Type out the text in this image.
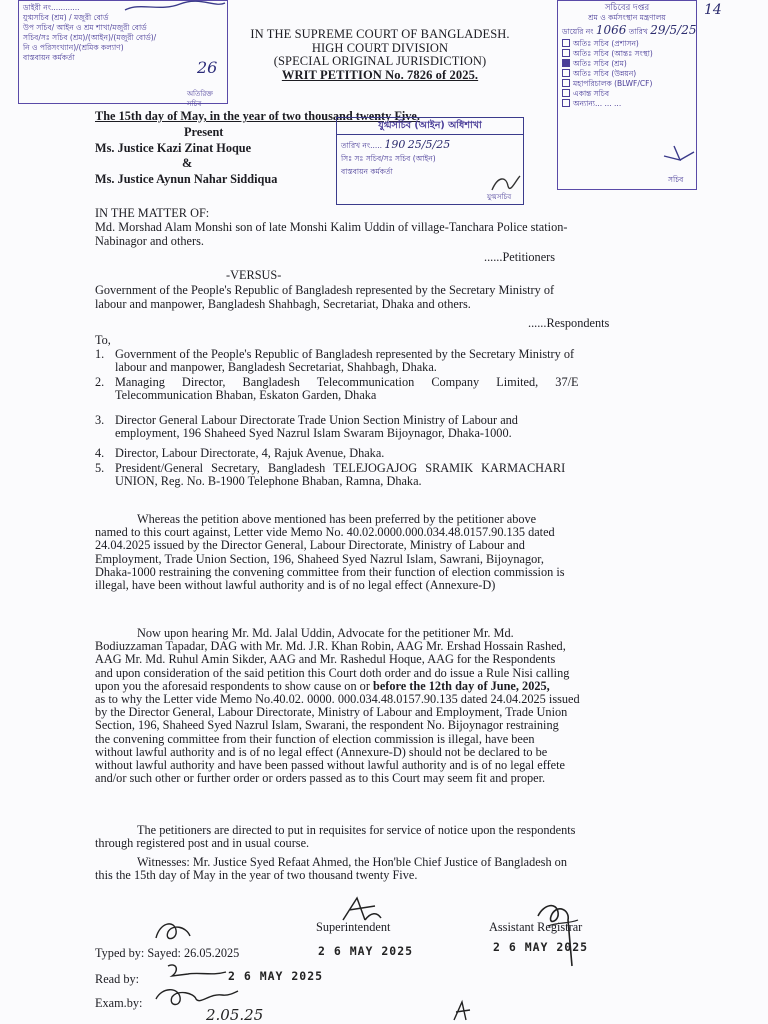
ডাইরী নং............
যুগ্মসচিব (শ্রম) / মজুরী বোর্ড
উপ সচিব/ আইন ও শ্রম শাখা/মজুরী বোর্ড
সচিব/সঃ সচিব (শ্রম)/(আইন)/(মজুরী বোর্ড)/
নি ও পরিসংখ্যান)/(শ্রমিক কল্যাণ)
বাস্তবায়ন কর্মকর্তা
26
অতিরিক্ত সচিব
IN THE SUPREME COURT OF BANGLADESH.
HIGH COURT DIVISION
(SPECIAL ORIGINAL JURISDICTION)
WRIT PETITION No. 7826 of 2025.
সচিবের দপ্তর
শ্রম ও কর্মসংস্থান মন্ত্রণালয়
ডায়েরি নং 1066 তারিখ 29/5/25
অতিঃ সচিব (প্রশাসন)
অতিঃ সচিব (আন্তঃ সংস্থা)
অতিঃ সচিব (শ্রম)
অতিঃ সচিব (উন্নয়ন)
মহাপরিচালক (BLWF/CF)
একান্ত সচিব
অন্যান্য... ... ...
সচিব
14
The 15th day of May, in the year of two thousand twenty Five.
যুগ্মসচিব (আইন) অধিশাখা
তারিখ নং..... 190 25/5/25
সিঃ সঃ সচিব/সঃ সচিব (আইন)
বাস্তবায়ন কর্মকর্তা
যুগ্মসচিব
Present
Ms. Justice Kazi Zinat Hoque
&
Ms. Justice Aynun Nahar Siddiqua
IN THE MATTER OF:
Md. Morshad Alam Monshi son of late Monshi Kalim Uddin of village-Tanchara Police station-
Nabinagor and others.
......Petitioners
-VERSUS-
Government of the People's Republic of Bangladesh represented by the Secretary Ministry of
labour and manpower, Bangladesh Shahbagh, Secretariat, Dhaka and others.
......Respondents
To,
1. Government of the People's Republic of Bangladesh represented by the Secretary Ministry of
labour and manpower, Bangladesh Secretariat, Shahbagh, Dhaka.
2. Managing Director, Bangladesh Telecommunication Company Limited, 37/E
Telecommunication Bhaban, Eskaton Garden, Dhaka
3. Director General Labour Directorate Trade Union Section Ministry of Labour and
employment, 196 Shaheed Syed Nazrul Islam Swaram Bijoynagor, Dhaka-1000.
4. Director, Labour Directorate, 4, Rajuk Avenue, Dhaka.
5. President/General Secretary, Bangladesh TELEJOGAJOG SRAMIK KARMACHARI
UNION, Reg. No. B-1900 Telephone Bhaban, Ramna, Dhaka.
Whereas the petition above mentioned has been preferred by the petitioner above
named to this court against, Letter vide Memo No. 40.02.0000.000.034.48.0157.90.135 dated
24.04.2025 issued by the Director General, Labour Directorate, Ministry of Labour and
Employment, Trade Union Section, 196, Shaheed Syed Nazrul Islam, Sawrani, Bijoynagor,
Dhaka-1000 restraining the convening committee from their function of election commission is
illegal, have been without lawful authority and is of no legal effect (Annexure-D)
Now upon hearing Mr. Md. Jalal Uddin, Advocate for the petitioner Mr. Md.
Bodiuzzaman Tapadar, DAG with Mr. Md. J.R. Khan Robin, AAG Mr. Ershad Hossain Rashed,
AAG Mr. Md. Ruhul Amin Sikder, AAG and Mr. Rashedul Hoque, AAG for the Respondents
and upon consideration of the said petition this Court doth order and do issue a Rule Nisi calling
upon you the aforesaid respondents to show cause on or before the 12th day of June, 2025,
as to why the Letter vide Memo No.40.02. 0000. 000.034.48.0157.90.135 dated 24.04.2025 issued
by the Director General, Labour Directorate, Ministry of Labour and Employment, Trade Union
Section, 196, Shaheed Syed Nazrul Islam, Swarani, the respondent No. Bijoynagor restraining
the convening committee from their function of election commission is illegal, have been
without lawful authority and is of no legal effect (Annexure-D) should not be declared to be
without lawful authority and have been passed without lawful authority and is of no legal effete
and/or such other or further order or orders passed as to this Court may seem fit and proper.
The petitioners are directed to put in requisites for service of notice upon the respondents
through registered post and in usual course.
Witnesses: Mr. Justice Syed Refaat Ahmed, the Hon'ble Chief Justice of Bangladesh on
this the 15th day of May in the year of two thousand twenty Five.
Superintendent	Assistant Registrar
2 6 MAY 2025	2 6 MAY 2025
Typed by: Sayed: 26.05.2025
Read by:	2 6 MAY 2025
Exam.by:
2.05.25
